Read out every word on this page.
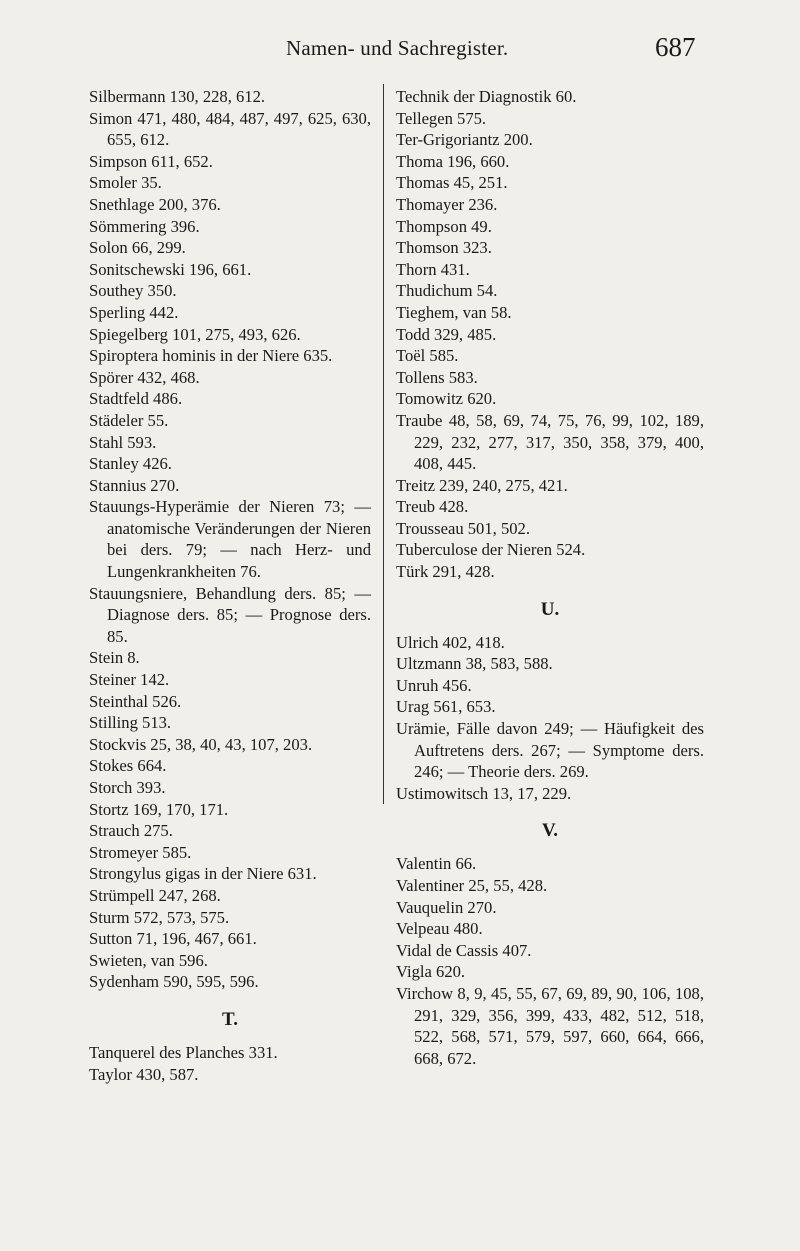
Namen- und Sachregister.	687
Silbermann 130, 228, 612.
Simon 471, 480, 484, 487, 497, 625, 630, 655, 612.
Simpson 611, 652.
Smoler 35.
Snethlage 200, 376.
Sömmering 396.
Solon 66, 299.
Sonitschewski 196, 661.
Southey 350.
Sperling 442.
Spiegelberg 101, 275, 493, 626.
Spiroptera hominis in der Niere 635.
Spörer 432, 468.
Stadtfeld 486.
Städeler 55.
Stahl 593.
Stanley 426.
Stannius 270.
Stauungs-Hyperämie der Nieren 73; — anatomische Veränderungen der Nieren bei ders. 79; — nach Herz- und Lungenkrankheiten 76.
Stauungsniere, Behandlung ders. 85; — Diagnose ders. 85; — Prognose ders. 85.
Stein 8.
Steiner 142.
Steinthal 526.
Stilling 513.
Stockvis 25, 38, 40, 43, 107, 203.
Stokes 664.
Storch 393.
Stortz 169, 170, 171.
Strauch 275.
Stromeyer 585.
Strongylus gigas in der Niere 631.
Strümpell 247, 268.
Sturm 572, 573, 575.
Sutton 71, 196, 467, 661.
Swieten, van 596.
Sydenham 590, 595, 596.
T.
Tanquerel des Planches 331.
Taylor 430, 587.
Technik der Diagnostik 60.
Tellegen 575.
Ter-Grigoriantz 200.
Thoma 196, 660.
Thomas 45, 251.
Thomayer 236.
Thompson 49.
Thomson 323.
Thorn 431.
Thudichum 54.
Tieghem, van 58.
Todd 329, 485.
Toël 585.
Tollens 583.
Tomowitz 620.
Traube 48, 58, 69, 74, 75, 76, 99, 102, 189, 229, 232, 277, 317, 350, 358, 379, 400, 408, 445.
Treitz 239, 240, 275, 421.
Treub 428.
Trousseau 501, 502.
Tuberculose der Nieren 524.
Türk 291, 428.
U.
Ulrich 402, 418.
Ultzmann 38, 583, 588.
Unruh 456.
Urag 561, 653.
Urämie, Fälle davon 249; — Häufigkeit des Auftretens ders. 267; — Symptome ders. 246; — Theorie ders. 269.
Ustimowitsch 13, 17, 229.
V.
Valentin 66.
Valentiner 25, 55, 428.
Vauquelin 270.
Velpeau 480.
Vidal de Cassis 407.
Vigla 620.
Virchow 8, 9, 45, 55, 67, 69, 89, 90, 106, 108, 291, 329, 356, 399, 433, 482, 512, 518, 522, 568, 571, 579, 597, 660, 664, 666, 668, 672.
